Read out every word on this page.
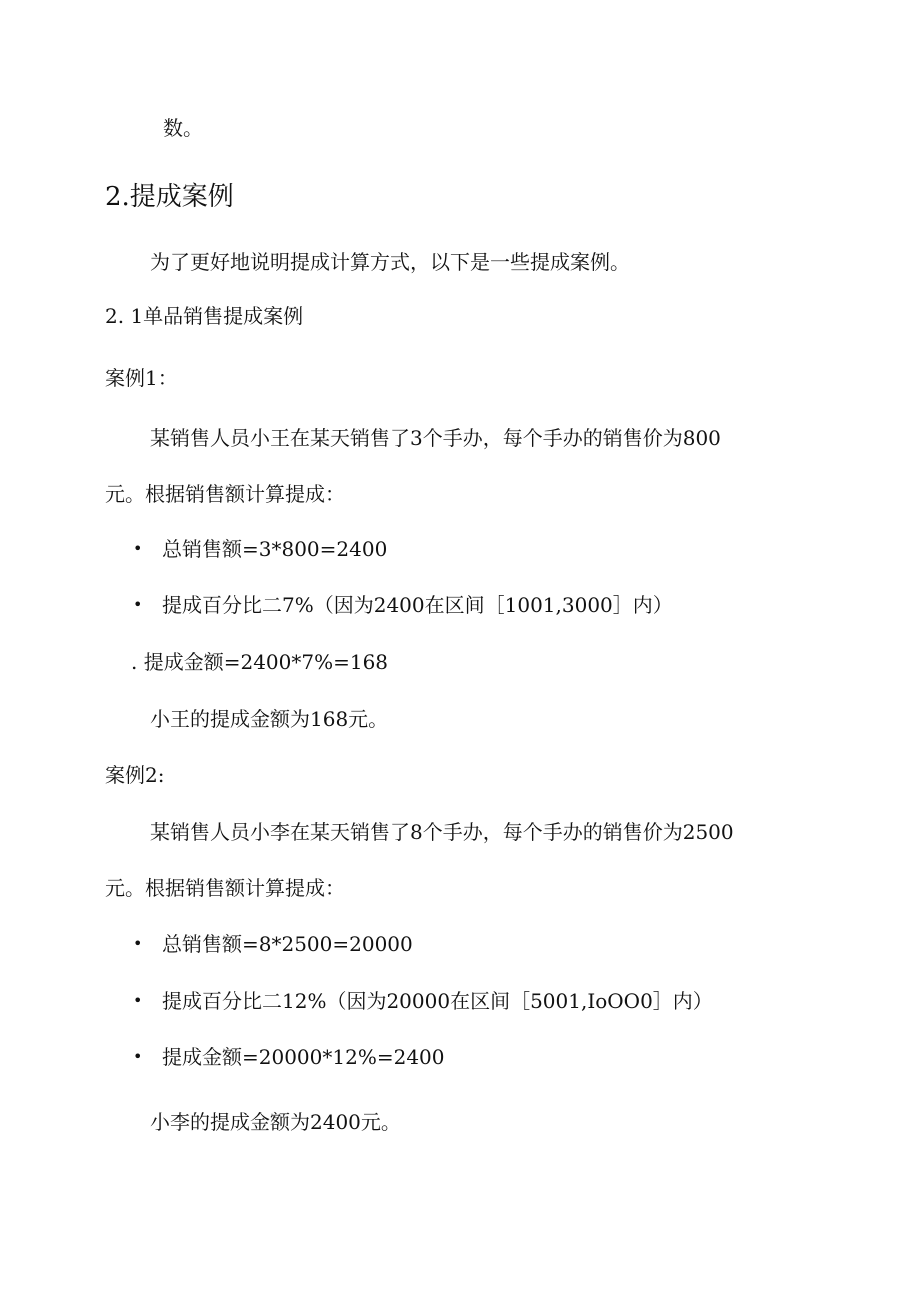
数。
2.提成案例
为了更好地说明提成计算方式，以下是一些提成案例。
2. 1单品销售提成案例
案例1：
某销售人员小王在某天销售了3个手办，每个手办的销售价为800
元。根据销售额计算提成：
• 总销售额=3*800=2400
• 提成百分比二7%（因为2400在区间［1001,3000］内）
. 提成金额=2400*7%=168
小王的提成金额为168元。
案例2:
某销售人员小李在某天销售了8个手办，每个手办的销售价为2500
元。根据销售额计算提成：
• 总销售额=8*2500=20000
• 提成百分比二12%（因为20000在区间［5001,IoOO0］内）
• 提成金额=20000*12%=2400
小李的提成金额为2400元。
